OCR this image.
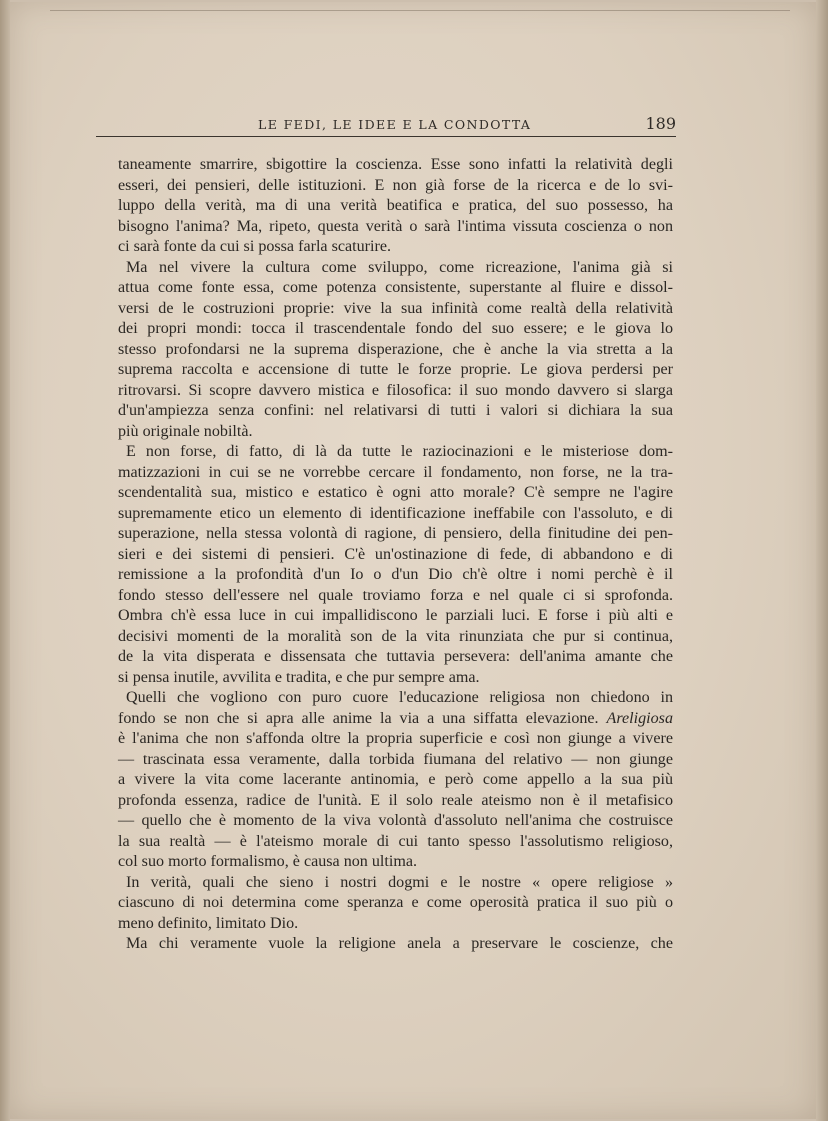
LE FEDI, LE IDEE E LA CONDOTTA	189
taneamente smarrire, sbigottire la coscienza. Esse sono infatti la relatività degli
esseri, dei pensieri, delle istituzioni. E non già forse de la ricerca e de lo svi-
luppo della verità, ma di una verità beatifica e pratica, del suo possesso, ha
bisogno l'anima? Ma, ripeto, questa verità o sarà l'intima vissuta coscienza o non
ci sarà fonte da cui si possa farla scaturire.
Ma nel vivere la cultura come sviluppo, come ricreazione, l'anima già si
attua come fonte essa, come potenza consistente, superstante al fluire e dissol-
versi de le costruzioni proprie: vive la sua infinità come realtà della relatività
dei propri mondi: tocca il trascendentale fondo del suo essere; e le giova lo
stesso profondarsi ne la suprema disperazione, che è anche la via stretta a la
suprema raccolta e accensione di tutte le forze proprie. Le giova perdersi per
ritrovarsi. Si scopre davvero mistica e filosofica: il suo mondo davvero si slarga
d'un'ampiezza senza confini: nel relativarsi di tutti i valori si dichiara la sua
più originale nobiltà.
E non forse, di fatto, di là da tutte le raziocinazioni e le misteriose dom-
matizzazioni in cui se ne vorrebbe cercare il fondamento, non forse, ne la tra-
scendentalità sua, mistico e estatico è ogni atto morale? C'è sempre ne l'agire
supremamente etico un elemento di identificazione ineffabile con l'assoluto, e di
superazione, nella stessa volontà di ragione, di pensiero, della finitudine dei pen-
sieri e dei sistemi di pensieri. C'è un'ostinazione di fede, di abbandono e di
remissione a la profondità d'un Io o d'un Dio ch'è oltre i nomi perchè è il
fondo stesso dell'essere nel quale troviamo forza e nel quale ci si sprofonda.
Ombra ch'è essa luce in cui impallidiscono le parziali luci. E forse i più alti e
decisivi momenti de la moralità son de la vita rinunziata che pur si continua,
de la vita disperata e dissensata che tuttavia persevera: dell'anima amante che
si pensa inutile, avvilita e tradita, e che pur sempre ama.
Quelli che vogliono con puro cuore l'educazione religiosa non chiedono in
fondo se non che si apra alle anime la via a una siffatta elevazione. Areligiosa
è l'anima che non s'affonda oltre la propria superficie e così non giunge a vivere
— trascinata essa veramente, dalla torbida fiumana del relativo — non giunge
a vivere la vita come lacerante antinomia, e però come appello a la sua più
profonda essenza, radice de l'unità. E il solo reale ateismo non è il metafisico
— quello che è momento de la viva volontà d'assoluto nell'anima che costruisce
la sua realtà — è l'ateismo morale di cui tanto spesso l'assolutismo religioso,
col suo morto formalismo, è causa non ultima.
In verità, quali che sieno i nostri dogmi e le nostre « opere religiose »
ciascuno di noi determina come speranza e come operosità pratica il suo più o
meno definito, limitato Dio.
Ma chi veramente vuole la religione anela a preservare le coscienze, che
